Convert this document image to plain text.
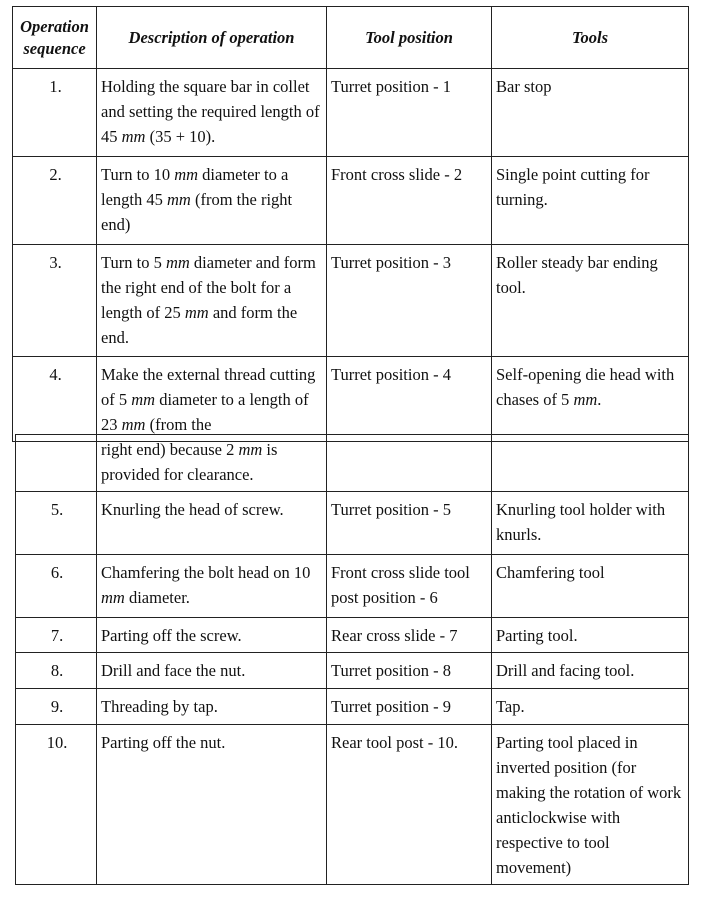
Operation sequence	Description of operation	Tool position	Tools
1.	Holding the square bar in collet and setting the required length of 45 mm (35 + 10).	Turret position - 1	Bar stop
2.	Turn to 10 mm diameter to a length 45 mm (from the right end)	Front cross slide - 2	Single point cutting for turning.
3.	Turn to 5 mm diameter and form the right end of the bolt for a length of 25 mm and form the end.	Turret position - 3	Roller steady bar ending tool.
4.	Make the external thread cutting of 5 mm diameter to a length of 23 mm (from the	Turret position - 4	Self-opening die head with chases of 5 mm.
	right end) because 2 mm is provided for clearance.		
5.	Knurling the head of screw.	Turret position - 5	Knurling tool holder with knurls.
6.	Chamfering the bolt head on 10 mm diameter.	Front cross slide tool post position - 6	Chamfering tool
7.	Parting off the screw.	Rear cross slide - 7	Parting tool.
8.	Drill and face the nut.	Turret position - 8	Drill and facing tool.
9.	Threading by tap.	Turret position - 9	Tap.
10.	Parting off the nut.	Rear tool post - 10.	Parting tool placed in inverted position (for making the rotation of work anticlockwise with respective to tool movement)
